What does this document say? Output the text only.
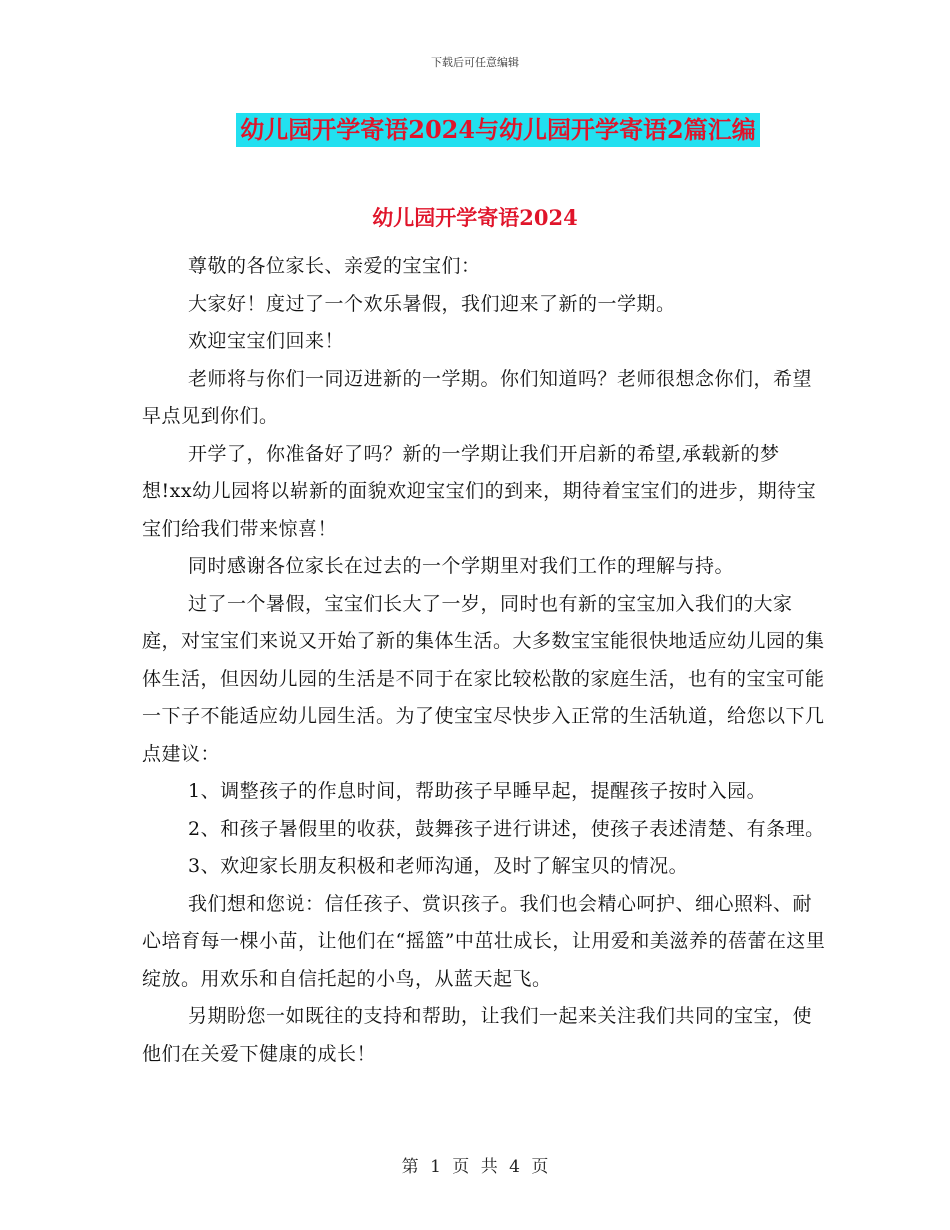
下载后可任意编辑
幼儿园开学寄语2024与幼儿园开学寄语2篇汇编
幼儿园开学寄语2024

尊敬的各位家长、亲爱的宝宝们：

大家好！度过了一个欢乐暑假，我们迎来了新的一学期。

欢迎宝宝们回来！

老师将与你们一同迈进新的一学期。你们知道吗？老师很想念你们，希望早点见到你们。

开学了，你准备好了吗？新的一学期让我们开启新的希望,承载新的梦想!xx幼儿园将以崭新的面貌欢迎宝宝们的到来，期待着宝宝们的进步，期待宝宝们给我们带来惊喜！

同时感谢各位家长在过去的一个学期里对我们工作的理解与持。

过了一个暑假，宝宝们长大了一岁，同时也有新的宝宝加入我们的大家庭，对宝宝们来说又开始了新的集体生活。大多数宝宝能很快地适应幼儿园的集体生活，但因幼儿园的生活是不同于在家比较松散的家庭生活，也有的宝宝可能一下子不能适应幼儿园生活。为了使宝宝尽快步入正常的生活轨道，给您以下几点建议：

1、调整孩子的作息时间，帮助孩子早睡早起，提醒孩子按时入园。

2、和孩子暑假里的收获，鼓舞孩子进行讲述，使孩子表述清楚、有条理。

3、欢迎家长朋友积极和老师沟通，及时了解宝贝的情况。

我们想和您说：信任孩子、赏识孩子。我们也会精心呵护、细心照料、耐心培育每一棵小苗，让他们在“摇篮”中茁壮成长，让用爱和美滋养的蓓蕾在这里绽放。用欢乐和自信托起的小鸟，从蓝天起飞。

另期盼您一如既往的支持和帮助，让我们一起来关注我们共同的宝宝，使他们在关爱下健康的成长！

第 1 页 共 4 页
